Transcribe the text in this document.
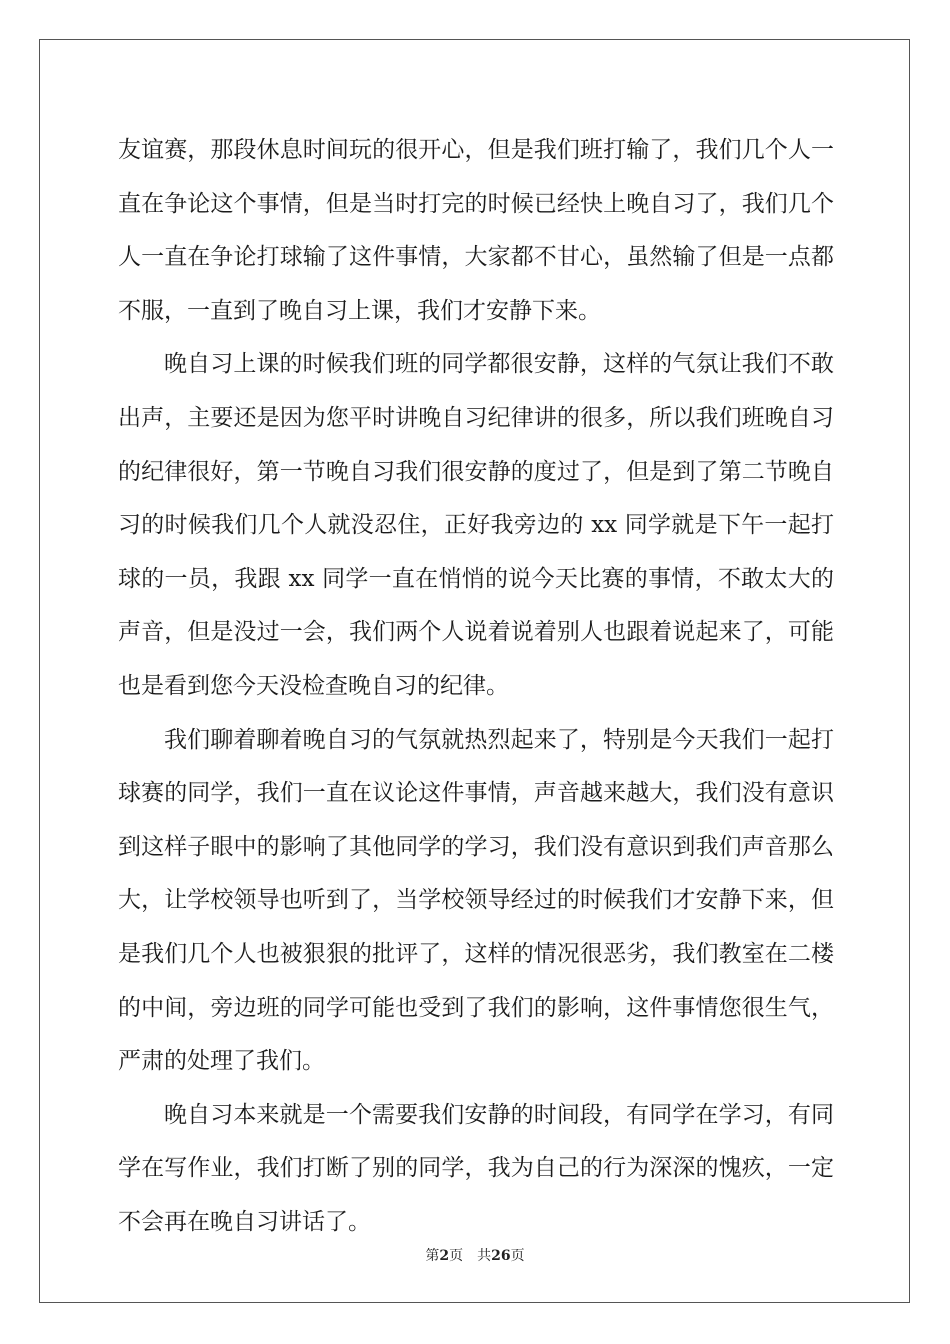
友谊赛，那段休息时间玩的很开心，但是我们班打输了，我们几个人一直在争论这个事情，但是当时打完的时候已经快上晚自习了，我们几个人一直在争论打球输了这件事情，大家都不甘心，虽然输了但是一点都不服，一直到了晚自习上课，我们才安静下来。

晚自习上课的时候我们班的同学都很安静，这样的气氛让我们不敢出声，主要还是因为您平时讲晚自习纪律讲的很多，所以我们班晚自习的纪律很好，第一节晚自习我们很安静的度过了，但是到了第二节晚自习的时候我们几个人就没忍住，正好我旁边的 xx 同学就是下午一起打球的一员，我跟 xx 同学一直在悄悄的说今天比赛的事情，不敢太大的声音，但是没过一会，我们两个人说着说着别人也跟着说起来了，可能也是看到您今天没检查晚自习的纪律。

我们聊着聊着晚自习的气氛就热烈起来了，特别是今天我们一起打球赛的同学，我们一直在议论这件事情，声音越来越大，我们没有意识到这样子眼中的影响了其他同学的学习，我们没有意识到我们声音那么大，让学校领导也听到了，当学校领导经过的时候我们才安静下来，但是我们几个人也被狠狠的批评了，这样的情况很恶劣，我们教室在二楼的中间，旁边班的同学可能也受到了我们的影响，这件事情您很生气，严肃的处理了我们。

晚自习本来就是一个需要我们安静的时间段，有同学在学习，有同学在写作业，我们打断了别的同学，我为自己的行为深深的愧疚，一定不会再在晚自习讲话了。

第2页 共26页
